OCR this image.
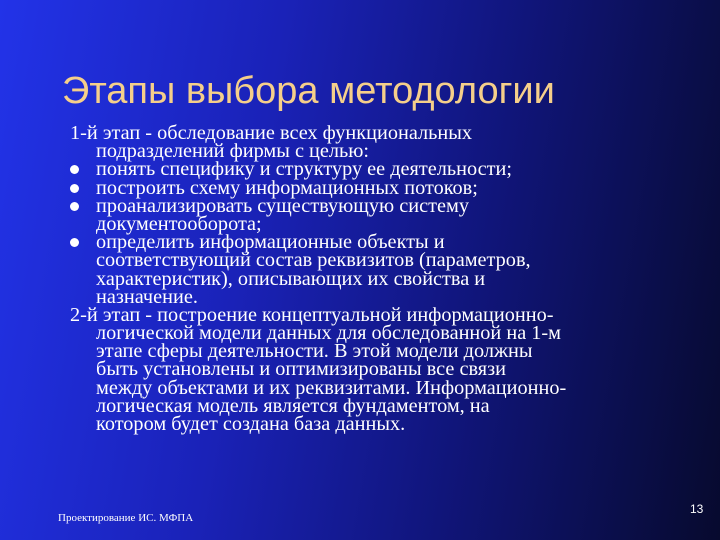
Этапы выбора методологии
1-й этап - обследование всех функциональных
подразделений фирмы с целью:
понять специфику и структуру ее деятельности;
построить схему информационных потоков;
проанализировать существующую систему
документооборота;
определить информационные объекты и
соответствующий состав реквизитов (параметров,
характеристик), описывающих их свойства и
назначение.
2-й этап - построение концептуальной информационно-
логической модели данных для обследованной на 1-м
этапе сферы деятельности. В этой модели должны
быть установлены и оптимизированы все связи
между объектами и их реквизитами. Информационно-
логическая модель является фундаментом, на
котором будет создана база данных.
Проектирование ИС. МФПА
13
